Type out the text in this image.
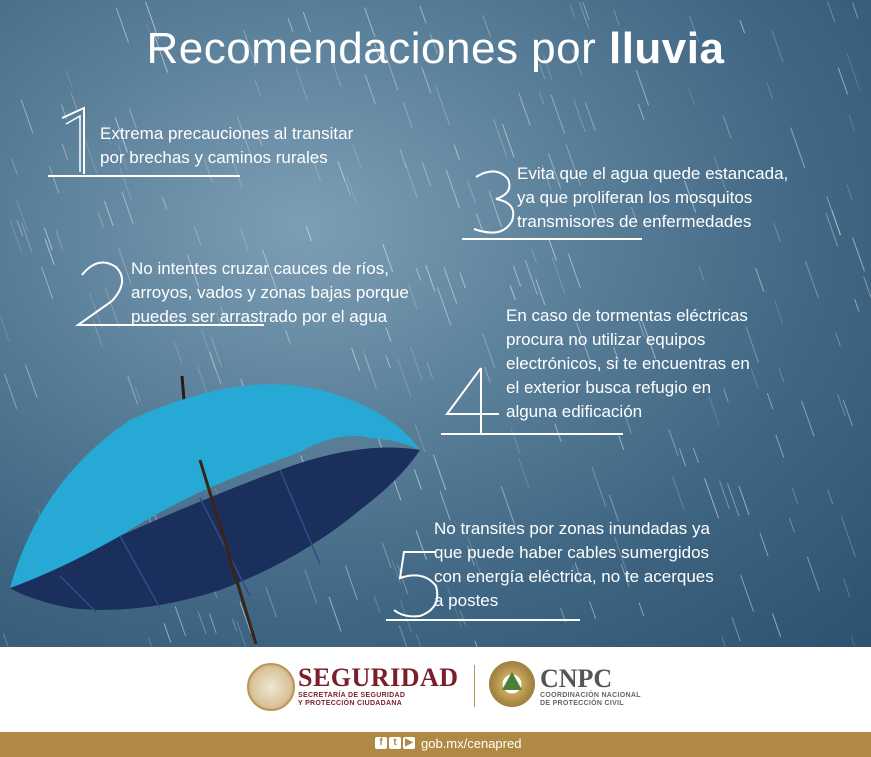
Recomendaciones por lluvia
Extrema precauciones al transitar
por brechas y caminos rurales
Evita que el agua quede estancada,
ya que proliferan los mosquitos
transmisores de enfermedades
No intentes cruzar cauces de ríos,
arroyos, vados y zonas bajas porque
puedes ser arrastrado por el agua	En caso de tormentas eléctricas
procura no utilizar equipos
electrónicos, si te encuentras en
el exterior busca refugio en
alguna edificación
No transites por zonas inundadas ya
que puede haber cables sumergidos
con energía eléctrica, no te acerques
a postes
SEGURIDAD
SECRETARÍA DE SEGURIDAD
Y PROTECCIÓN CIUDADANA
CNPC
COORDINACIÓN NACIONAL
DE PROTECCIÓN CIVIL
f	t ▶ gob.mx/cenapred
